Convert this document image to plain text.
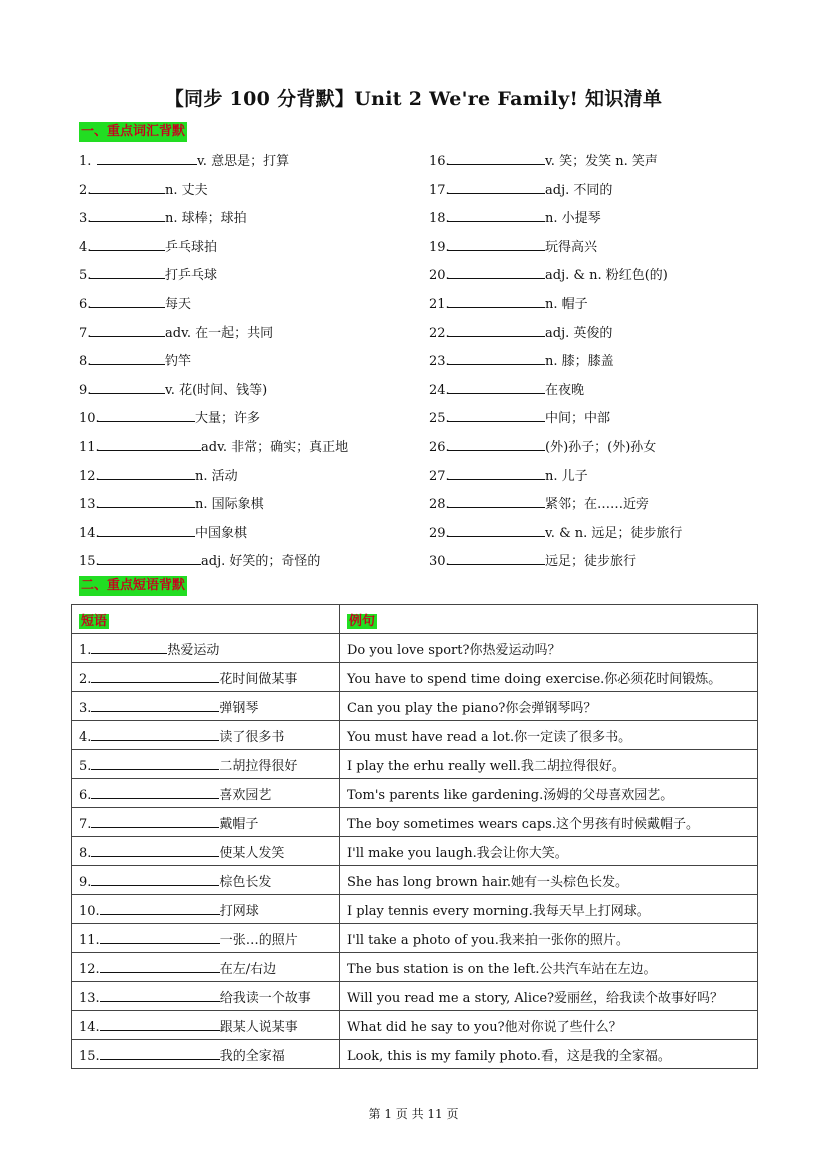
【同步 100 分背默】Unit 2 We're Family! 知识清单
一、重点词汇背默
1.	v. 意思是；打算
2.	n. 丈夫
3.	n. 球棒；球拍
4.	乒乓球拍
5.	打乒乓球
6.	每天
7.	adv. 在一起；共同
8.	钓竿
9.	v. 花(时间、钱等)
10.	大量；许多
11.	adv. 非常；确实；真正地
12.	n. 活动
13.	n. 国际象棋
14.	中国象棋
15.	adj. 好笑的；奇怪的
16.	v. 笑；发笑 n. 笑声
17.	adj. 不同的
18.	n. 小提琴
19.	玩得高兴
20.	adj. & n. 粉红色(的)
21.	n. 帽子
22.	adj. 英俊的
23.	n. 膝；膝盖
24.	在夜晚
25.	中间；中部
26.	(外)孙子；(外)孙女
27.	n. 儿子
28.	紧邻；在……近旁
29.	v. & n. 远足；徒步旅行
30.	远足；徒步旅行
二、重点短语背默
短语	例句
1. 热爱运动	Do you love sport?你热爱运动吗？
2. 花时间做某事	You have to spend time doing exercise.你必须花时间锻炼。
3. 弹钢琴	Can you play the piano?你会弹钢琴吗？
4. 读了很多书	You must have read a lot.你一定读了很多书。
5. 二胡拉得很好	I play the erhu really well.我二胡拉得很好。
6. 喜欢园艺	Tom's parents like gardening.汤姆的父母喜欢园艺。
7. 戴帽子	The boy sometimes wears caps.这个男孩有时候戴帽子。
8. 使某人发笑	I'll make you laugh.我会让你大笑。
9. 棕色长发	She has long brown hair.她有一头棕色长发。
10. 打网球	I play tennis every morning.我每天早上打网球。
11. 一张…的照片	I'll take a photo of you.我来拍一张你的照片。
12. 在左/右边	The bus station is on the left.公共汽车站在左边。
13. 给我读一个故事	Will you read me a story, Alice?爱丽丝，给我读个故事好吗？
14. 跟某人说某事	What did he say to you?他对你说了些什么？
15. 我的全家福	Look, this is my family photo.看，这是我的全家福。
第 1 页 共 11 页
